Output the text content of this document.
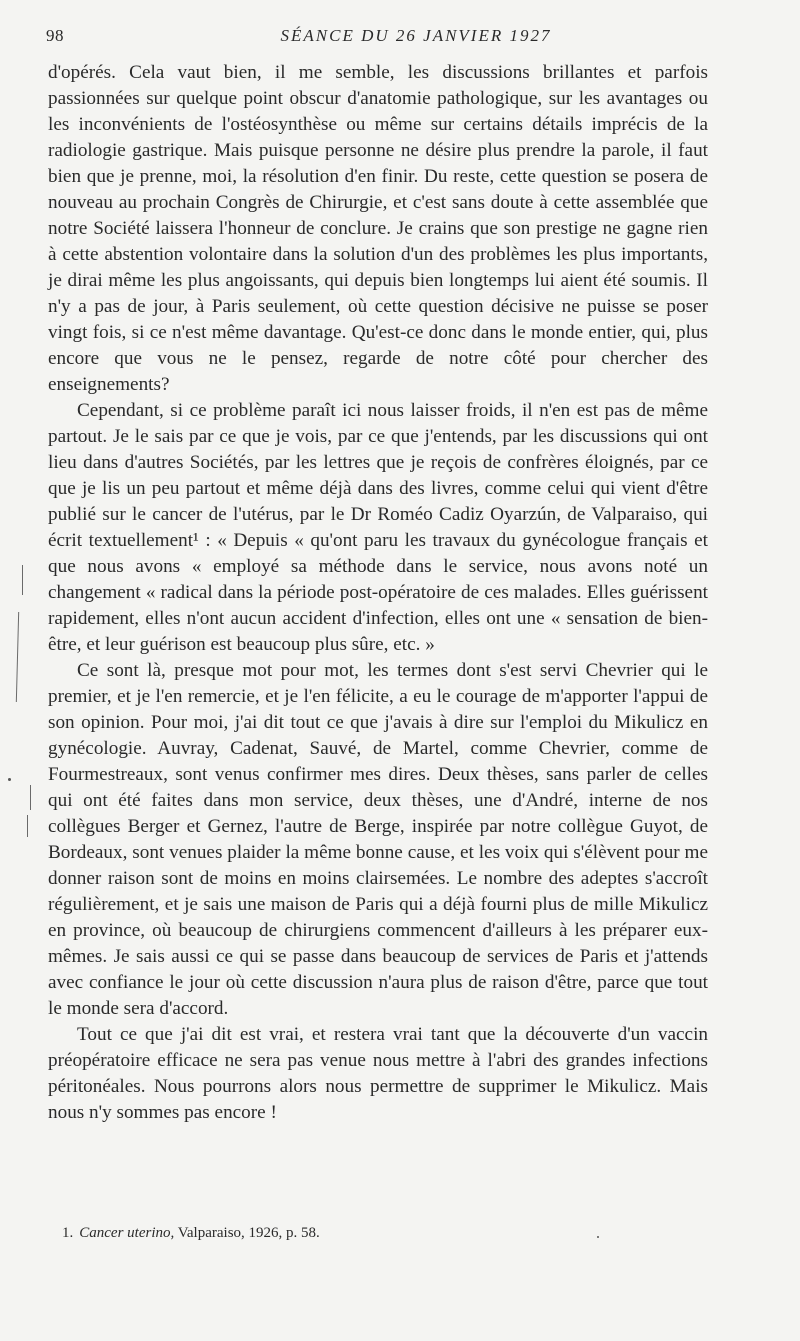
98	SÉANCE DU 26 JANVIER 1927

d'opérés. Cela vaut bien, il me semble, les discussions brillantes et parfois passionnées sur quelque point obscur d'anatomie pathologique, sur les avantages ou les inconvénients de l'ostéosynthèse ou même sur certains détails imprécis de la radiologie gastrique. Mais puisque personne ne désire plus prendre la parole, il faut bien que je prenne, moi, la résolution d'en finir. Du reste, cette question se posera de nouveau au prochain Congrès de Chirurgie, et c'est sans doute à cette assemblée que notre Société laissera l'honneur de conclure. Je crains que son prestige ne gagne rien à cette abstention volontaire dans la solution d'un des problèmes les plus importants, je dirai même les plus angoissants, qui depuis bien longtemps lui aient été soumis. Il n'y a pas de jour, à Paris seulement, où cette question décisive ne puisse se poser vingt fois, si ce n'est même davantage. Qu'est-ce donc dans le monde entier, qui, plus encore que vous ne le pensez, regarde de notre côté pour chercher des enseignements?

Cependant, si ce problème paraît ici nous laisser froids, il n'en est pas de même partout. Je le sais par ce que je vois, par ce que j'entends, par les discussions qui ont lieu dans d'autres Sociétés, par les lettres que je reçois de confrères éloignés, par ce que je lis un peu partout et même déjà dans des livres, comme celui qui vient d'être publié sur le cancer de l'utérus, par le Dr Roméo Cadiz Oyarzún, de Valparaiso, qui écrit textuellement¹ : « Depuis « qu'ont paru les travaux du gynécologue français et que nous avons « employé sa méthode dans le service, nous avons noté un changement « radical dans la période post-opératoire de ces malades. Elles guérissent rapidement, elles n'ont aucun accident d'infection, elles ont une « sensation de bien-être, et leur guérison est beaucoup plus sûre, etc. »

Ce sont là, presque mot pour mot, les termes dont s'est servi Chevrier qui le premier, et je l'en remercie, et je l'en félicite, a eu le courage de m'apporter l'appui de son opinion. Pour moi, j'ai dit tout ce que j'avais à dire sur l'emploi du Mikulicz en gynécologie. Auvray, Cadenat, Sauvé, de Martel, comme Chevrier, comme de Fourmestreaux, sont venus confirmer mes dires. Deux thèses, sans parler de celles qui ont été faites dans mon service, deux thèses, une d'André, interne de nos collègues Berger et Gernez, l'autre de Berge, inspirée par notre collègue Guyot, de Bordeaux, sont venues plaider la même bonne cause, et les voix qui s'élèvent pour me donner raison sont de moins en moins clairsemées. Le nombre des adeptes s'accroît régulièrement, et je sais une maison de Paris qui a déjà fourni plus de mille Mikulicz en province, où beaucoup de chirurgiens commencent d'ailleurs à les préparer eux-mêmes. Je sais aussi ce qui se passe dans beaucoup de services de Paris et j'attends avec confiance le jour où cette discussion n'aura plus de raison d'être, parce que tout le monde sera d'accord.

Tout ce que j'ai dit est vrai, et restera vrai tant que la découverte d'un vaccin préopératoire efficace ne sera pas venue nous mettre à l'abri des grandes infections péritonéales. Nous pourrons alors nous permettre de supprimer le Mikulicz. Mais nous n'y sommes pas encore !

1. Cancer uterino, Valparaiso, 1926, p. 58.
